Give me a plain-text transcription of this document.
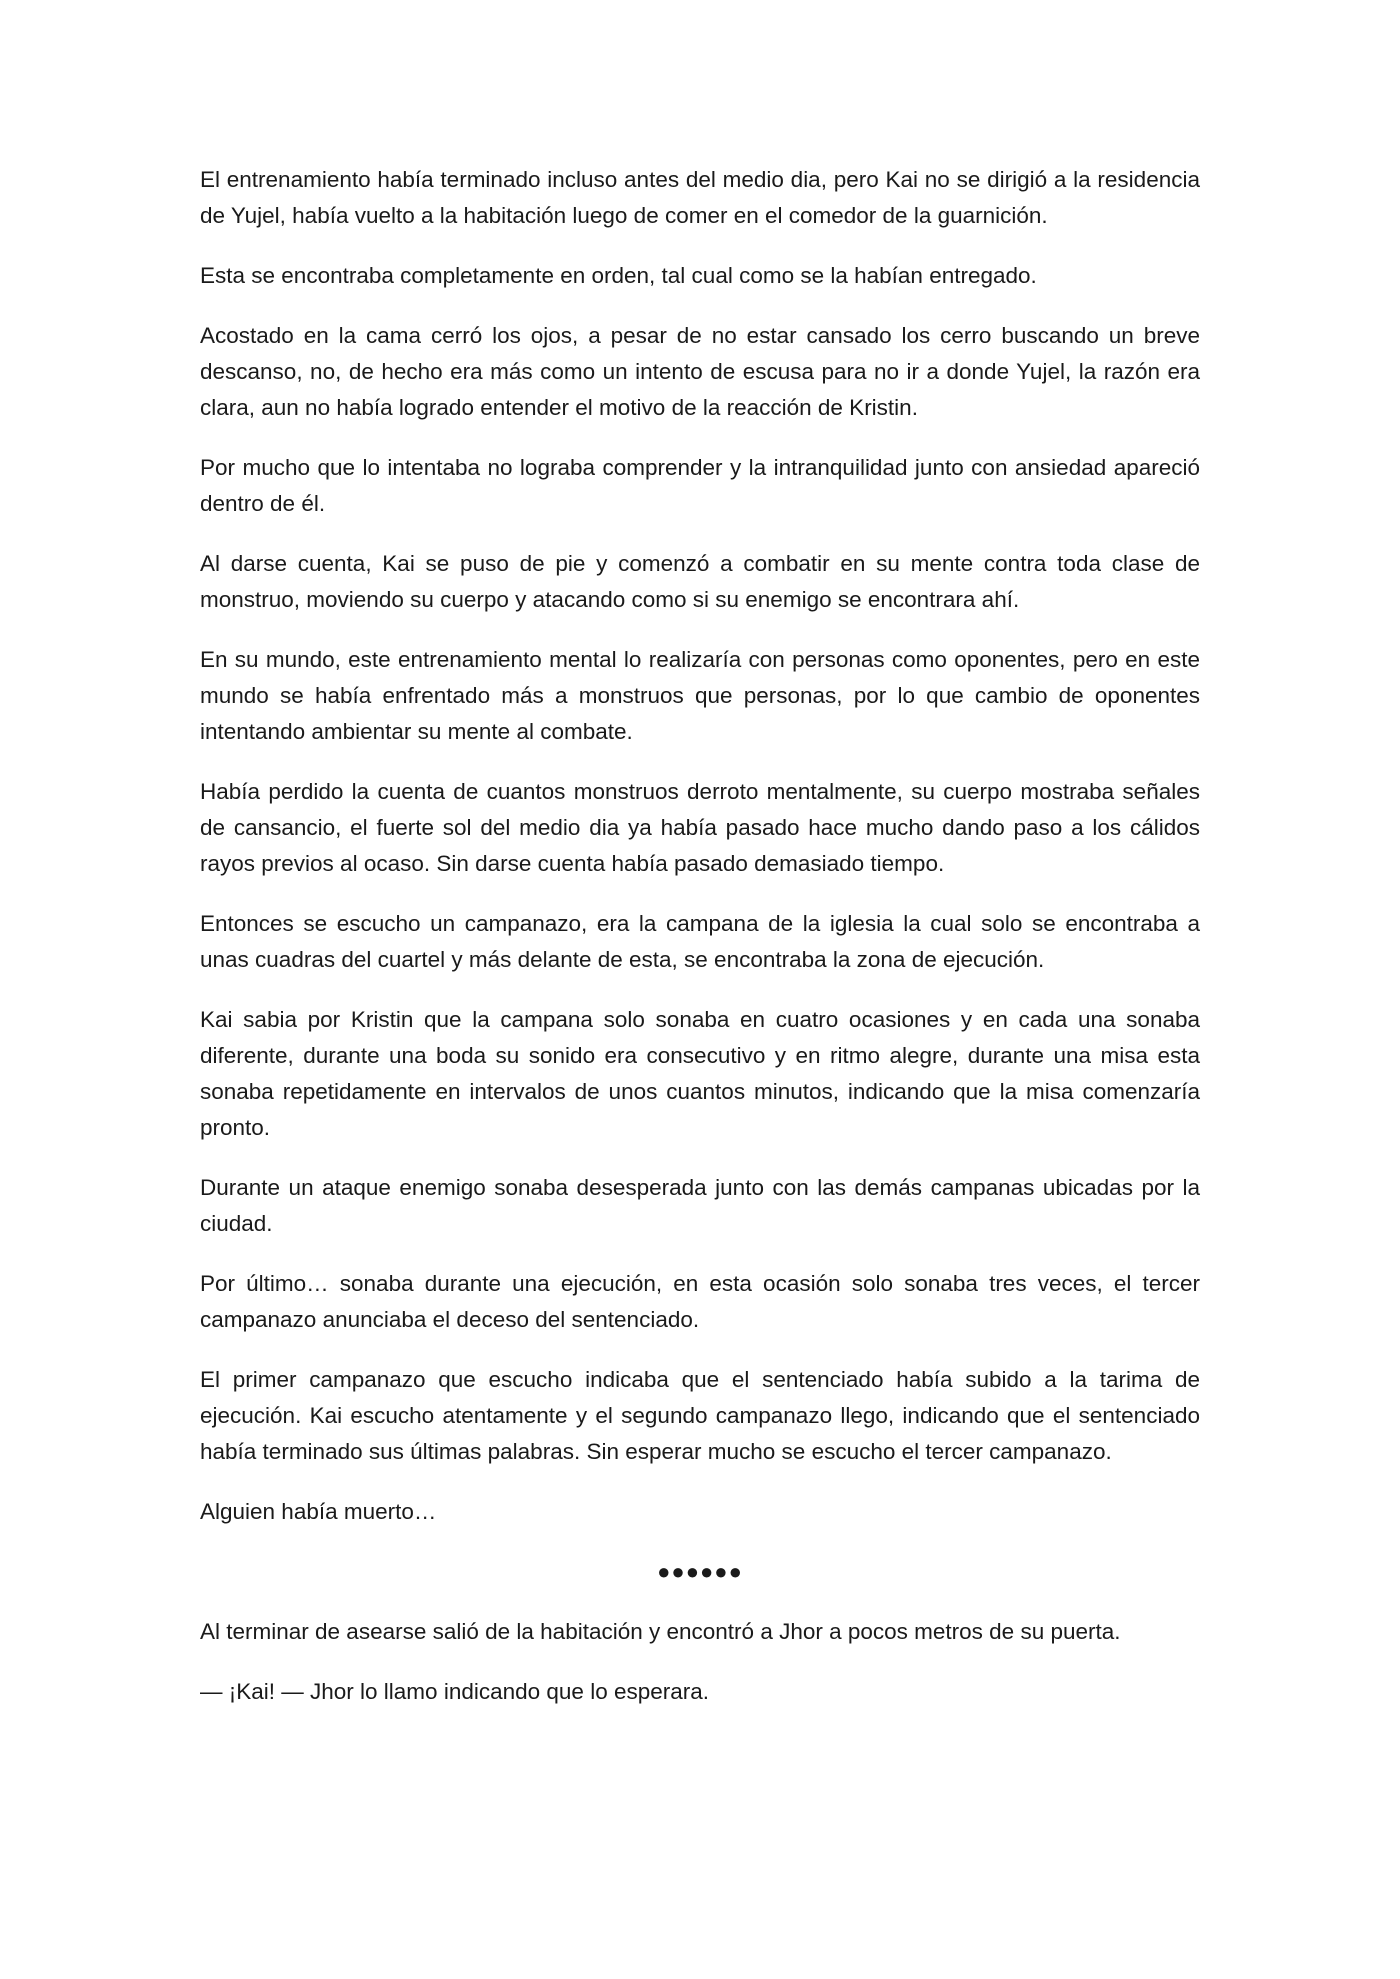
El entrenamiento había terminado incluso antes del medio dia, pero Kai no se dirigió a la residencia de Yujel, había vuelto a la habitación luego de comer en el comedor de la guarnición.

Esta se encontraba completamente en orden, tal cual como se la habían entregado.

Acostado en la cama cerró los ojos, a pesar de no estar cansado los cerro buscando un breve descanso, no, de hecho era más como un intento de escusa para no ir a donde Yujel, la razón era clara, aun no había logrado entender el motivo de la reacción de Kristin.

Por mucho que lo intentaba no lograba comprender y la intranquilidad junto con ansiedad apareció dentro de él.

Al darse cuenta, Kai se puso de pie y comenzó a combatir en su mente contra toda clase de monstruo, moviendo su cuerpo y atacando como si su enemigo se encontrara ahí.

En su mundo, este entrenamiento mental lo realizaría con personas como oponentes, pero en este mundo se había enfrentado más a monstruos que personas, por lo que cambio de oponentes intentando ambientar su mente al combate.

Había perdido la cuenta de cuantos monstruos derroto mentalmente, su cuerpo mostraba señales de cansancio, el fuerte sol del medio dia ya había pasado hace mucho dando paso a los cálidos rayos previos al ocaso. Sin darse cuenta había pasado demasiado tiempo.

Entonces se escucho un campanazo, era la campana de la iglesia la cual solo se encontraba a unas cuadras del cuartel y más delante de esta, se encontraba la zona de ejecución.

Kai sabia por Kristin que la campana solo sonaba en cuatro ocasiones y en cada una sonaba diferente, durante una boda su sonido era consecutivo y en ritmo alegre, durante una misa esta sonaba repetidamente en intervalos de unos cuantos minutos, indicando que la misa comenzaría pronto.

Durante un ataque enemigo sonaba desesperada junto con las demás campanas ubicadas por la ciudad.

Por último… sonaba durante una ejecución, en esta ocasión solo sonaba tres veces, el tercer campanazo anunciaba el deceso del sentenciado.

El primer campanazo que escucho indicaba que el sentenciado había subido a la tarima de ejecución. Kai escucho atentamente y el segundo campanazo llego, indicando que el sentenciado había terminado sus últimas palabras. Sin esperar mucho se escucho el tercer campanazo.

Alguien había muerto…

●●●●●●

Al terminar de asearse salió de la habitación y encontró a Jhor a pocos metros de su puerta.

— ¡Kai! — Jhor lo llamo indicando que lo esperara.
